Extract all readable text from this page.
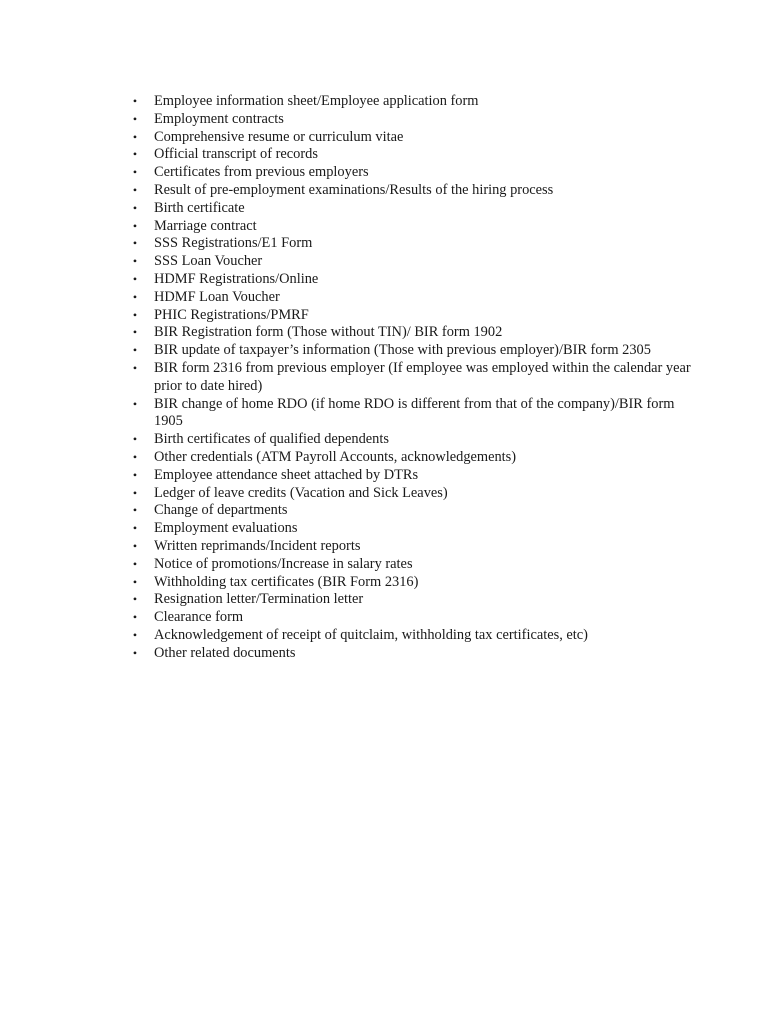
• Employee information sheet/Employee application form
• Employment contracts
• Comprehensive resume or curriculum vitae
• Official transcript of records
• Certificates from previous employers
• Result of pre-employment examinations/Results of the hiring process
• Birth certificate
• Marriage contract
• SSS Registrations/E1 Form
• SSS Loan Voucher
• HDMF Registrations/Online
• HDMF Loan Voucher
• PHIC Registrations/PMRF
• BIR Registration form (Those without TIN)/ BIR form 1902
• BIR update of taxpayer’s information (Those with previous employer)/BIR form 2305
• BIR form 2316 from previous employer (If employee was employed within the calendar year prior to date hired)
• BIR change of home RDO (if home RDO is different from that of the company)/BIR form 1905
• Birth certificates of qualified dependents
• Other credentials (ATM Payroll Accounts, acknowledgements)
• Employee attendance sheet attached by DTRs
• Ledger of leave credits (Vacation and Sick Leaves)
• Change of departments
• Employment evaluations
• Written reprimands/Incident reports
• Notice of promotions/Increase in salary rates
• Withholding tax certificates (BIR Form 2316)
• Resignation letter/Termination letter
• Clearance form
• Acknowledgement of receipt of quitclaim, withholding tax certificates, etc)
• Other related documents
